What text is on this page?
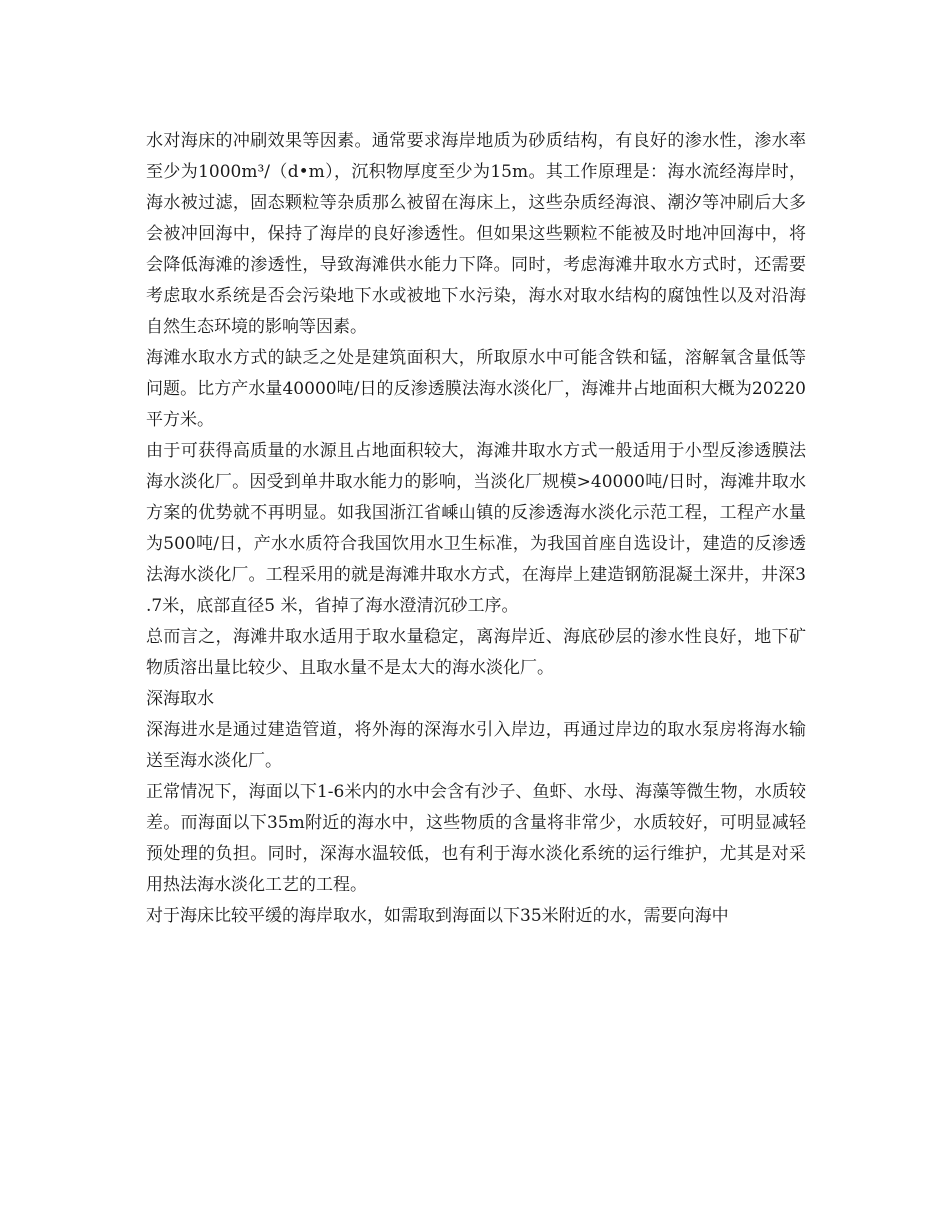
水对海床的冲刷效果等因素。通常要求海岸地质为砂质结构，有良好的渗水性，渗水率至少为1000m³/（d•m），沉积物厚度至少为15m。其工作原理是：海水流经海岸时，海水被过滤，固态颗粒等杂质那么被留在海床上，这些杂质经海浪、潮汐等冲刷后大多会被冲回海中，保持了海岸的良好渗透性。但如果这些颗粒不能被及时地冲回海中，将会降低海滩的渗透性，导致海滩供水能力下降。同时，考虑海滩井取水方式时，还需要考虑取水系统是否会污染地下水或被地下水污染，海水对取水结构的腐蚀性以及对沿海自然生态环境的影响等因素。

海滩水取水方式的缺乏之处是建筑面积大，所取原水中可能含铁和锰，溶解氧含量低等问题。比方产水量40000吨/日的反渗透膜法海水淡化厂，海滩井占地面积大概为20220平方米。

由于可获得高质量的水源且占地面积较大，海滩井取水方式一般适用于小型反渗透膜法海水淡化厂。因受到单井取水能力的影响，当淡化厂规模>40000吨/日时，海滩井取水方案的优势就不再明显。如我国浙江省嵊山镇的反渗透海水淡化示范工程，工程产水量为500吨/日，产水水质符合我国饮用水卫生标准，为我国首座自选设计，建造的反渗透法海水淡化厂。工程采用的就是海滩井取水方式，在海岸上建造钢筋混凝土深井，井深3.7米，底部直径5 米，省掉了海水澄清沉砂工序。

总而言之，海滩井取水适用于取水量稳定，离海岸近、海底砂层的渗水性良好，地下矿物质溶出量比较少、且取水量不是太大的海水淡化厂。

深海取水

深海进水是通过建造管道，将外海的深海水引入岸边，再通过岸边的取水泵房将海水输送至海水淡化厂。

正常情况下，海面以下1-6米内的水中会含有沙子、鱼虾、水母、海藻等微生物，水质较差。而海面以下35m附近的海水中，这些物质的含量将非常少，水质较好，可明显减轻预处理的负担。同时，深海水温较低，也有利于海水淡化系统的运行维护，尤其是对采用热法海水淡化工艺的工程。

对于海床比较平缓的海岸取水，如需取到海面以下35米附近的水，需要向海中
